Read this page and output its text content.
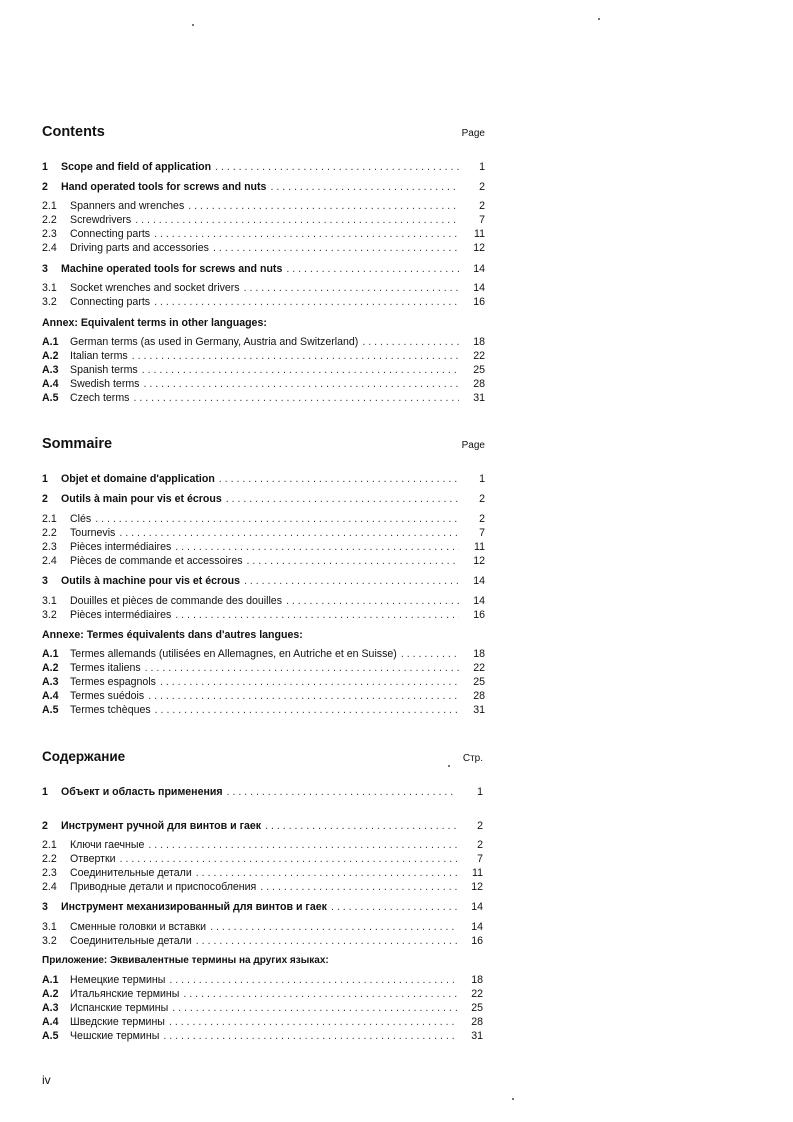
Contents	Page
1	Scope and field of application . . .	1
2	Hand operated tools for screws and nuts . . .	2
2.1	Spanners and wrenches . . .	2
2.2	Screwdrivers . . .	7
2.3	Connecting parts . . .	11
2.4	Driving parts and accessories . . .	12
3	Machine operated tools for screws and nuts . . .	14
3.1	Socket wrenches and socket drivers . . .	14
3.2	Connecting parts . . .	16
Annex: Equivalent terms in other languages:
A.1	German terms (as used in Germany, Austria and Switzerland) . . .	18
A.2	Italian terms . . .	22
A.3	Spanish terms . . .	25
A.4	Swedish terms . . .	28
A.5	Czech terms . . .	31
Sommaire	Page
1	Objet et domaine d'application . . .	1
2	Outils à main pour vis et écrous . . .	2
2.1	Clés . . .	2
2.2	Tournevis . . .	7
2.3	Pièces intermédiaires . . .	11
2.4	Pièces de commande et accessoires . . .	12
3	Outils à machine pour vis et écrous . . .	14
3.1	Douilles et pièces de commande des douilles . . .	14
3.2	Pièces intermédiaires . . .	16
Annexe: Termes équivalents dans d'autres langues:
A.1	Termes allemands (utilisées en Allemagnes, en Autriche et en Suisse) . . .	18
A.2	Termes italiens . . .	22
A.3	Termes espagnols . . .	25
A.4	Termes suédois . . .	28
A.5	Termes tchèques . . .	31
Содержание	Стр.
1	Объект и область применения . . .	1
2	Инструмент ручной для винтов и гаек . . .	2
2.1	Ключи гаечные . . .	2
2.2	Отвертки . . .	7
2.3	Соединительные детали . . .	11
2.4	Приводные детали и приспособления . . .	12
3	Инструмент механизированный для винтов и гаек . . .	14
3.1	Сменные головки и вставки . . .	14
3.2	Соединительные детали . . .	16
Приложение: Эквивалентные термины на других языках:
A.1	Немецкие термины . . .	18
A.2	Итальянские термины . . .	22
A.3	Испанские термины . . .	25
A.4	Шведские термины . . .	28
A.5	Чешские термины . . .	31
iv
